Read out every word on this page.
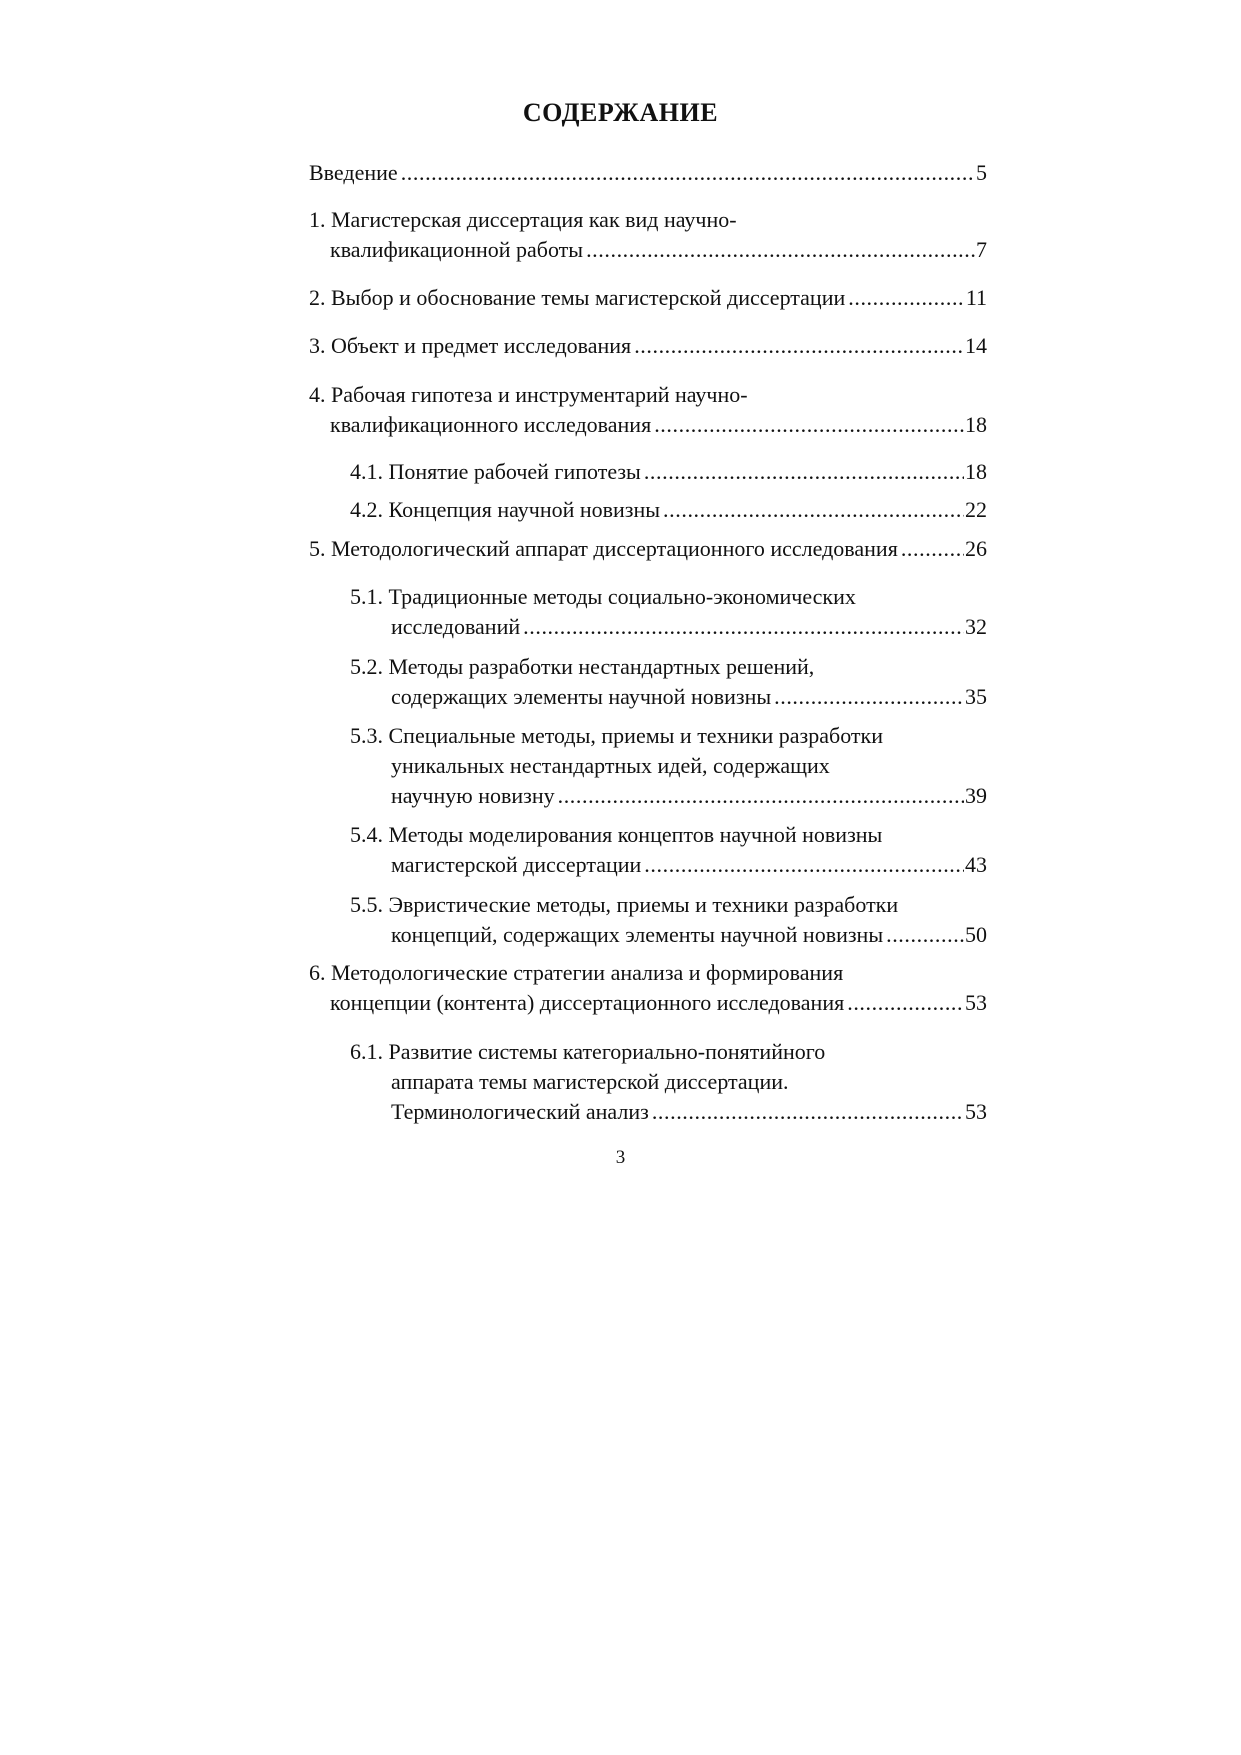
СОДЕРЖАНИЕ
Введение .....	5
1. Магистерская диссертация как вид научно-
квалификационной работы .....	7
2. Выбор и обоснование темы магистерской диссертации .....	11
3. Объект и предмет исследования .....	14
4. Рабочая гипотеза и инструментарий научно-
квалификационного исследования .....	18
4.1. Понятие рабочей гипотезы .....	18
4.2. Концепция научной новизны .....	22
5. Методологический аппарат диссертационного исследования .....	26
5.1. Традиционные методы социально-экономических
исследований .....	32
5.2. Методы разработки нестандартных решений,
содержащих элементы научной новизны .....	35
5.3. Специальные методы, приемы и техники разработки
уникальных нестандартных идей, содержащих
научную новизну .....	39
5.4. Методы моделирования концептов научной новизны
магистерской диссертации .....	43
5.5. Эвристические методы, приемы и техники разработки
концепций, содержащих элементы научной новизны .....	50
6. Методологические стратегии анализа и формирования
концепции (контента) диссертационного исследования .....	53
6.1. Развитие системы категориально-понятийного
аппарата темы магистерской диссертации.
Терминологический анализ .....	53
3
